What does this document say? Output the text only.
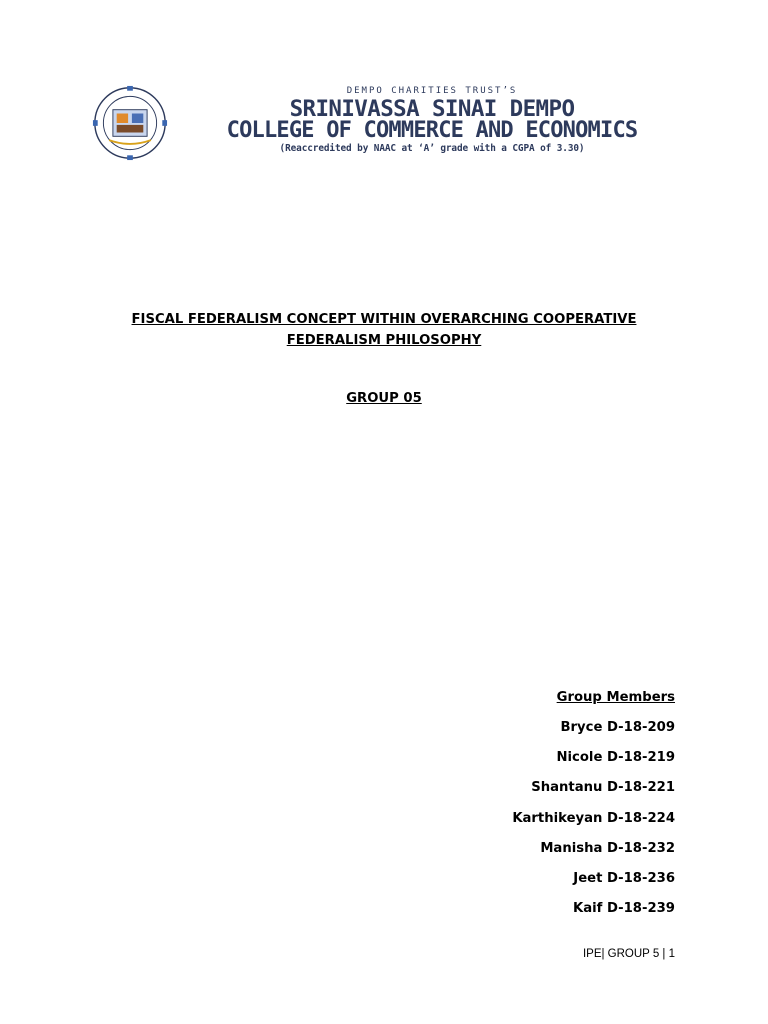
DEMPO CHARITIES TRUST’S
SRINIVASSA SINAI DEMPO
COLLEGE OF COMMERCE AND ECONOMICS
(Reaccredited by NAAC at ‘A’ grade with a CGPA of 3.30)
FISCAL FEDERALISM CONCEPT WITHIN OVERARCHING COOPERATIVE
FEDERALISM PHILOSOPHY
GROUP 05
Group Members
Bryce D-18-209
Nicole D-18-219
Shantanu D-18-221
Karthikeyan D-18-224
Manisha D-18-232
Jeet D-18-236
Kaif D-18-239
IPE| GROUP 5 | 1
